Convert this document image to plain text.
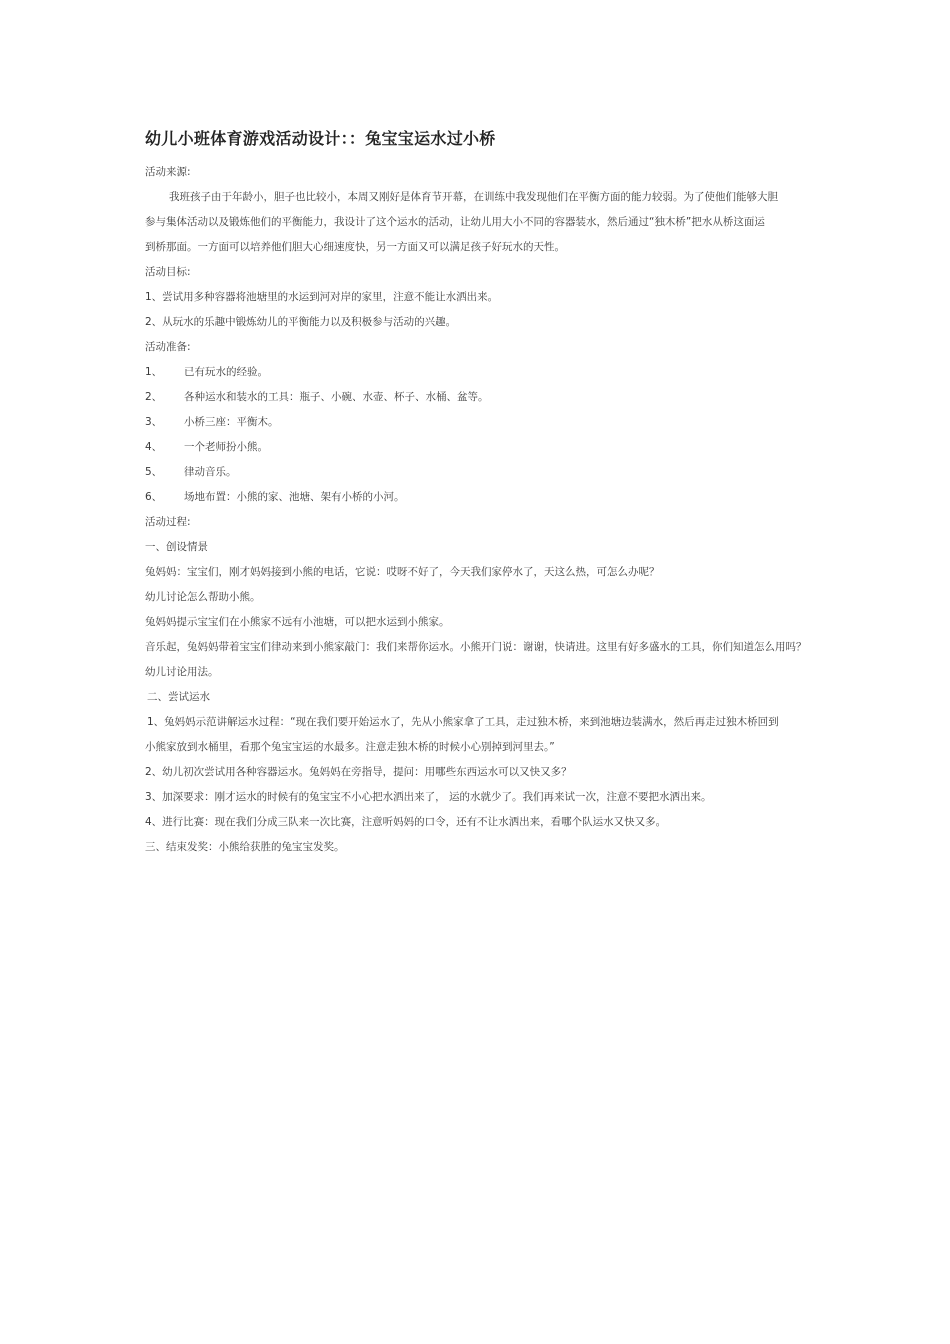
幼儿小班体育游戏活动设计：：兔宝宝运水过小桥
活动来源:
我班孩子由于年龄小，胆子也比较小，本周又刚好是体育节开幕，在训练中我发现他们在平衡方面的能力较弱。为了使他们能够大胆
参与集体活动以及锻炼他们的平衡能力，我设计了这个运水的活动，让幼儿用大小不同的容器装水，然后通过“独木桥”把水从桥这面运
到桥那面。一方面可以培养他们胆大心细速度快，另一方面又可以满足孩子好玩水的天性。
活动目标:
1、尝试用多种容器将池塘里的水运到河对岸的家里，注意不能让水洒出来。
2、从玩水的乐趣中锻炼幼儿的平衡能力以及积极参与活动的兴趣。
活动准备:
1、 已有玩水的经验。
2、 各种运水和装水的工具：瓶子、小碗、水壶、杯子、水桶、盆等。
3、 小桥三座：平衡木。
4、 一个老师扮小熊。
5、 律动音乐。
6、 场地布置：小熊的家、池塘、架有小桥的小河。
活动过程:
一、创设情景
兔妈妈：宝宝们，刚才妈妈接到小熊的电话，它说：哎呀不好了，今天我们家停水了，天这么热，可怎么办呢？
幼儿讨论怎么帮助小熊。
兔妈妈提示宝宝们在小熊家不远有小池塘，可以把水运到小熊家。
音乐起，兔妈妈带着宝宝们律动来到小熊家敲门：我们来帮你运水。小熊开门说：谢谢，快请进。这里有好多盛水的工具，你们知道怎么用吗？
幼儿讨论用法。
二、尝试运水
1、兔妈妈示范讲解运水过程：“现在我们要开始运水了，先从小熊家拿了工具，走过独木桥，来到池塘边装满水，然后再走过独木桥回到
小熊家放到水桶里，看那个兔宝宝运的水最多。注意走独木桥的时候小心别掉到河里去。”
2、幼儿初次尝试用各种容器运水。兔妈妈在旁指导，提问：用哪些东西运水可以又快又多？
3、加深要求：刚才运水的时候有的兔宝宝不小心把水洒出来了， 运的水就少了。我们再来试一次，注意不要把水洒出来。
4、进行比赛：现在我们分成三队来一次比赛，注意听妈妈的口令，还有不让水洒出来，看哪个队运水又快又多。
三、结束发奖：小熊给获胜的兔宝宝发奖。
